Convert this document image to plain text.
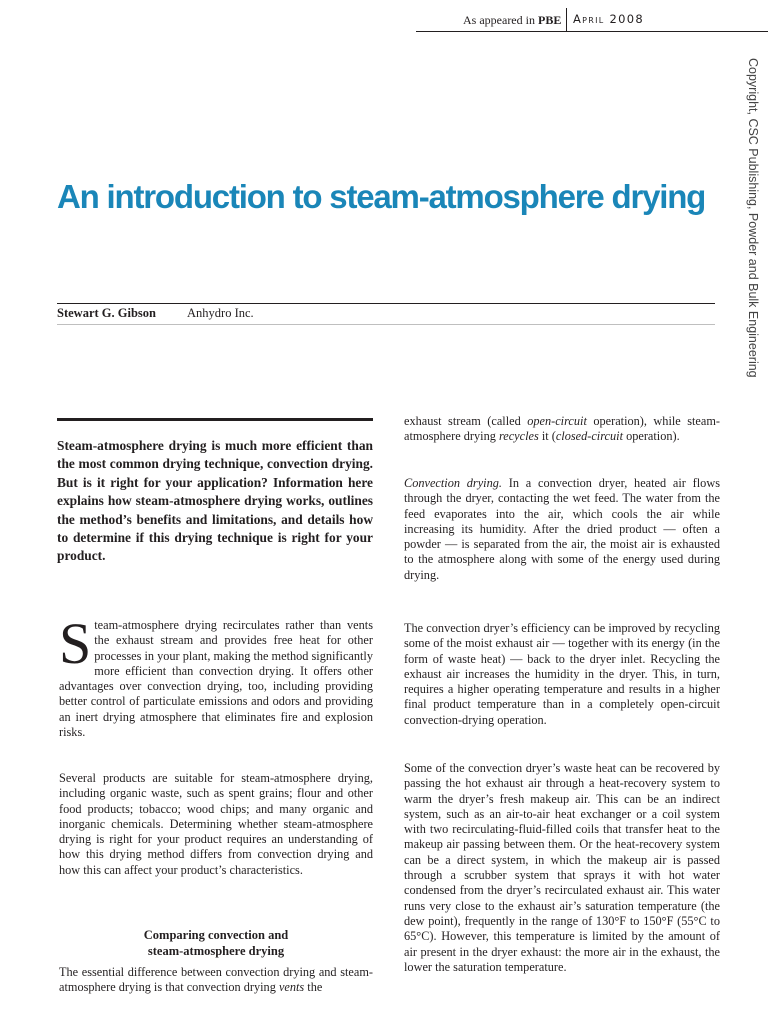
As appeared in PBE April 2008
Copyright, CSC Publishing, Powder and Bulk Engineering
An introduction to steam-atmosphere drying
Stewart G. Gibson Anhydro Inc.
Steam-atmosphere drying is much more efficient than the most common drying technique, convection drying. But is it right for your application? Information here explains how steam-atmosphere drying works, outlines the method’s benefits and limitations, and details how to determine if this drying technique is right for your product.

Steam-atmosphere drying recirculates rather than vents the exhaust stream and provides free heat for other processes in your plant, making the method significantly more efficient than convection drying. It offers other advantages over convection drying, too, including providing better control of particulate emissions and odors and providing an inert drying atmosphere that eliminates fire and explosion risks.

Several products are suitable for steam-atmosphere drying, including organic waste, such as spent grains; flour and other food products; tobacco; wood chips; and many organic and inorganic chemicals. Determining whether steam-atmosphere drying is right for your product requires an understanding of how this drying method differs from convection drying and how this can affect your product’s characteristics.

Comparing convection and
steam-atmosphere drying

The essential difference between convection drying and steam-atmosphere drying is that convection drying vents the

exhaust stream (called open-circuit operation), while steam-atmosphere drying recycles it (closed-circuit operation).

Convection drying. In a convection dryer, heated air flows through the dryer, contacting the wet feed. The water from the feed evaporates into the air, which cools the air while increasing its humidity. After the dried product — often a powder — is separated from the air, the moist air is exhausted to the atmosphere along with some of the energy used during drying.

The convection dryer’s efficiency can be improved by recycling some of the moist exhaust air — together with its energy (in the form of waste heat) — back to the dryer inlet. Recycling the exhaust air increases the humidity in the dryer. This, in turn, requires a higher operating temperature and results in a higher final product temperature than in a completely open-circuit convection-drying operation.

Some of the convection dryer’s waste heat can be recovered by passing the hot exhaust air through a heat-recovery system to warm the dryer’s fresh makeup air. This can be an indirect system, such as an air-to-air heat exchanger or a coil system with two recirculating-fluid-filled coils that transfer heat to the makeup air passing between them. Or the heat-recovery system can be a direct system, in which the makeup air is passed through a scrubber system that sprays it with hot water condensed from the dryer’s recirculated exhaust air. This water runs very close to the exhaust air’s saturation temperature (the dew point), frequently in the range of 130°F to 150°F (55°C to 65°C). However, this temperature is limited by the amount of air present in the dryer exhaust: the more air in the exhaust, the lower the saturation temperature.
